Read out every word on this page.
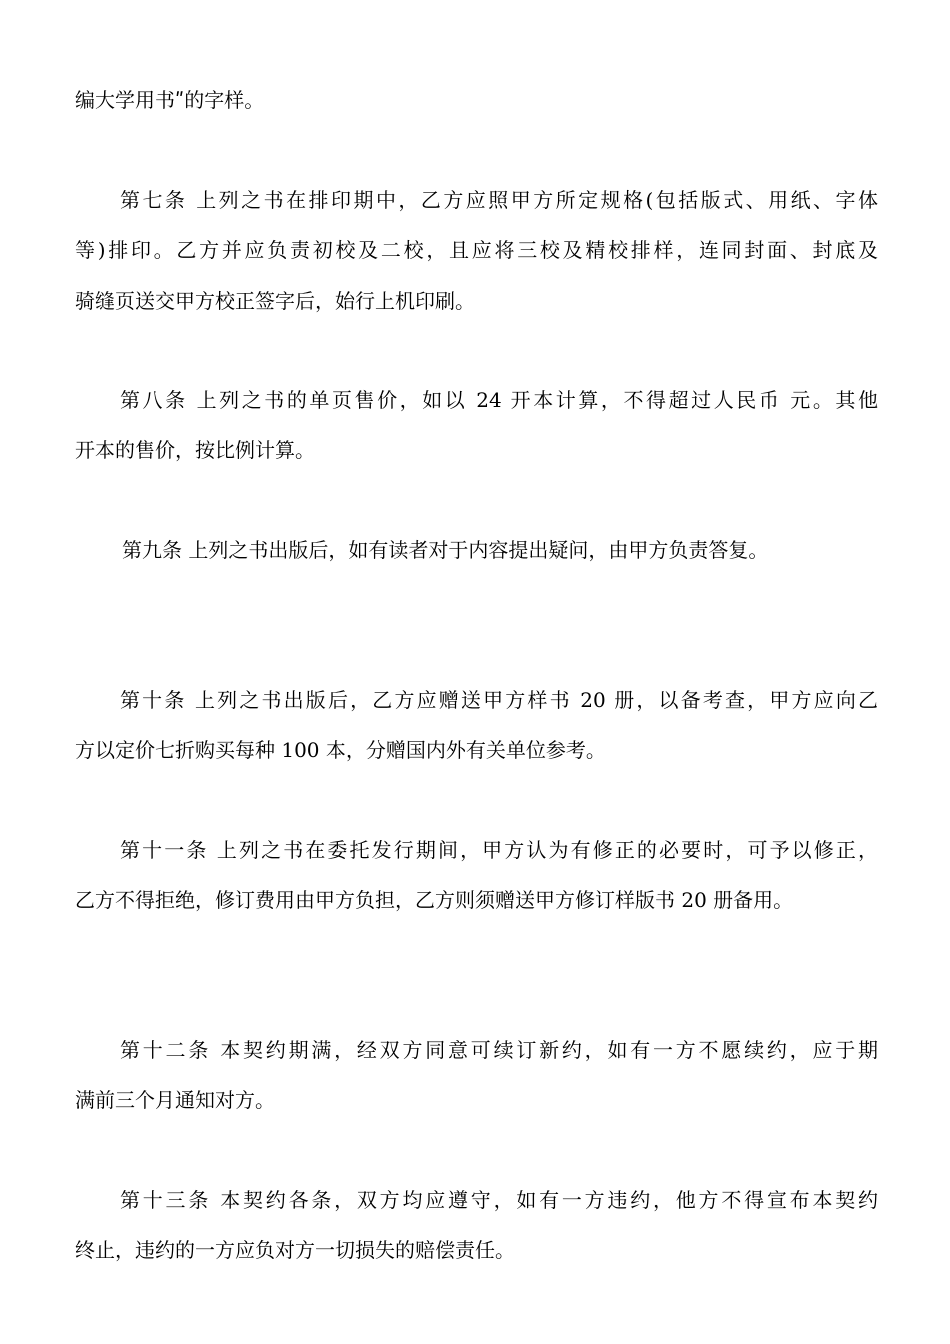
编大学用书ʺ的字样。
第七条 上列之书在排印期中，乙方应照甲方所定规格(包括版式、用纸、字体
等)排印。乙方并应负责初校及二校，且应将三校及精校排样，连同封面、封底及
骑缝页送交甲方校正签字后，始行上机印刷。
第八条 上列之书的单页售价，如以 24 开本计算，不得超过人民币 元。其他
开本的售价，按比例计算。
第九条 上列之书出版后，如有读者对于内容提出疑问，由甲方负责答复。
第十条 上列之书出版后，乙方应赠送甲方样书 20 册，以备考查，甲方应向乙
方以定价七折购买每种 100 本，分赠国内外有关单位参考。
第十一条 上列之书在委托发行期间，甲方认为有修正的必要时，可予以修正，
乙方不得拒绝，修订费用由甲方负担，乙方则须赠送甲方修订样版书 20 册备用。
第十二条 本契约期满，经双方同意可续订新约，如有一方不愿续约，应于期
满前三个月通知对方。
第十三条 本契约各条，双方均应遵守，如有一方违约，他方不得宣布本契约
终止，违约的一方应负对方一切损失的赔偿责任。
